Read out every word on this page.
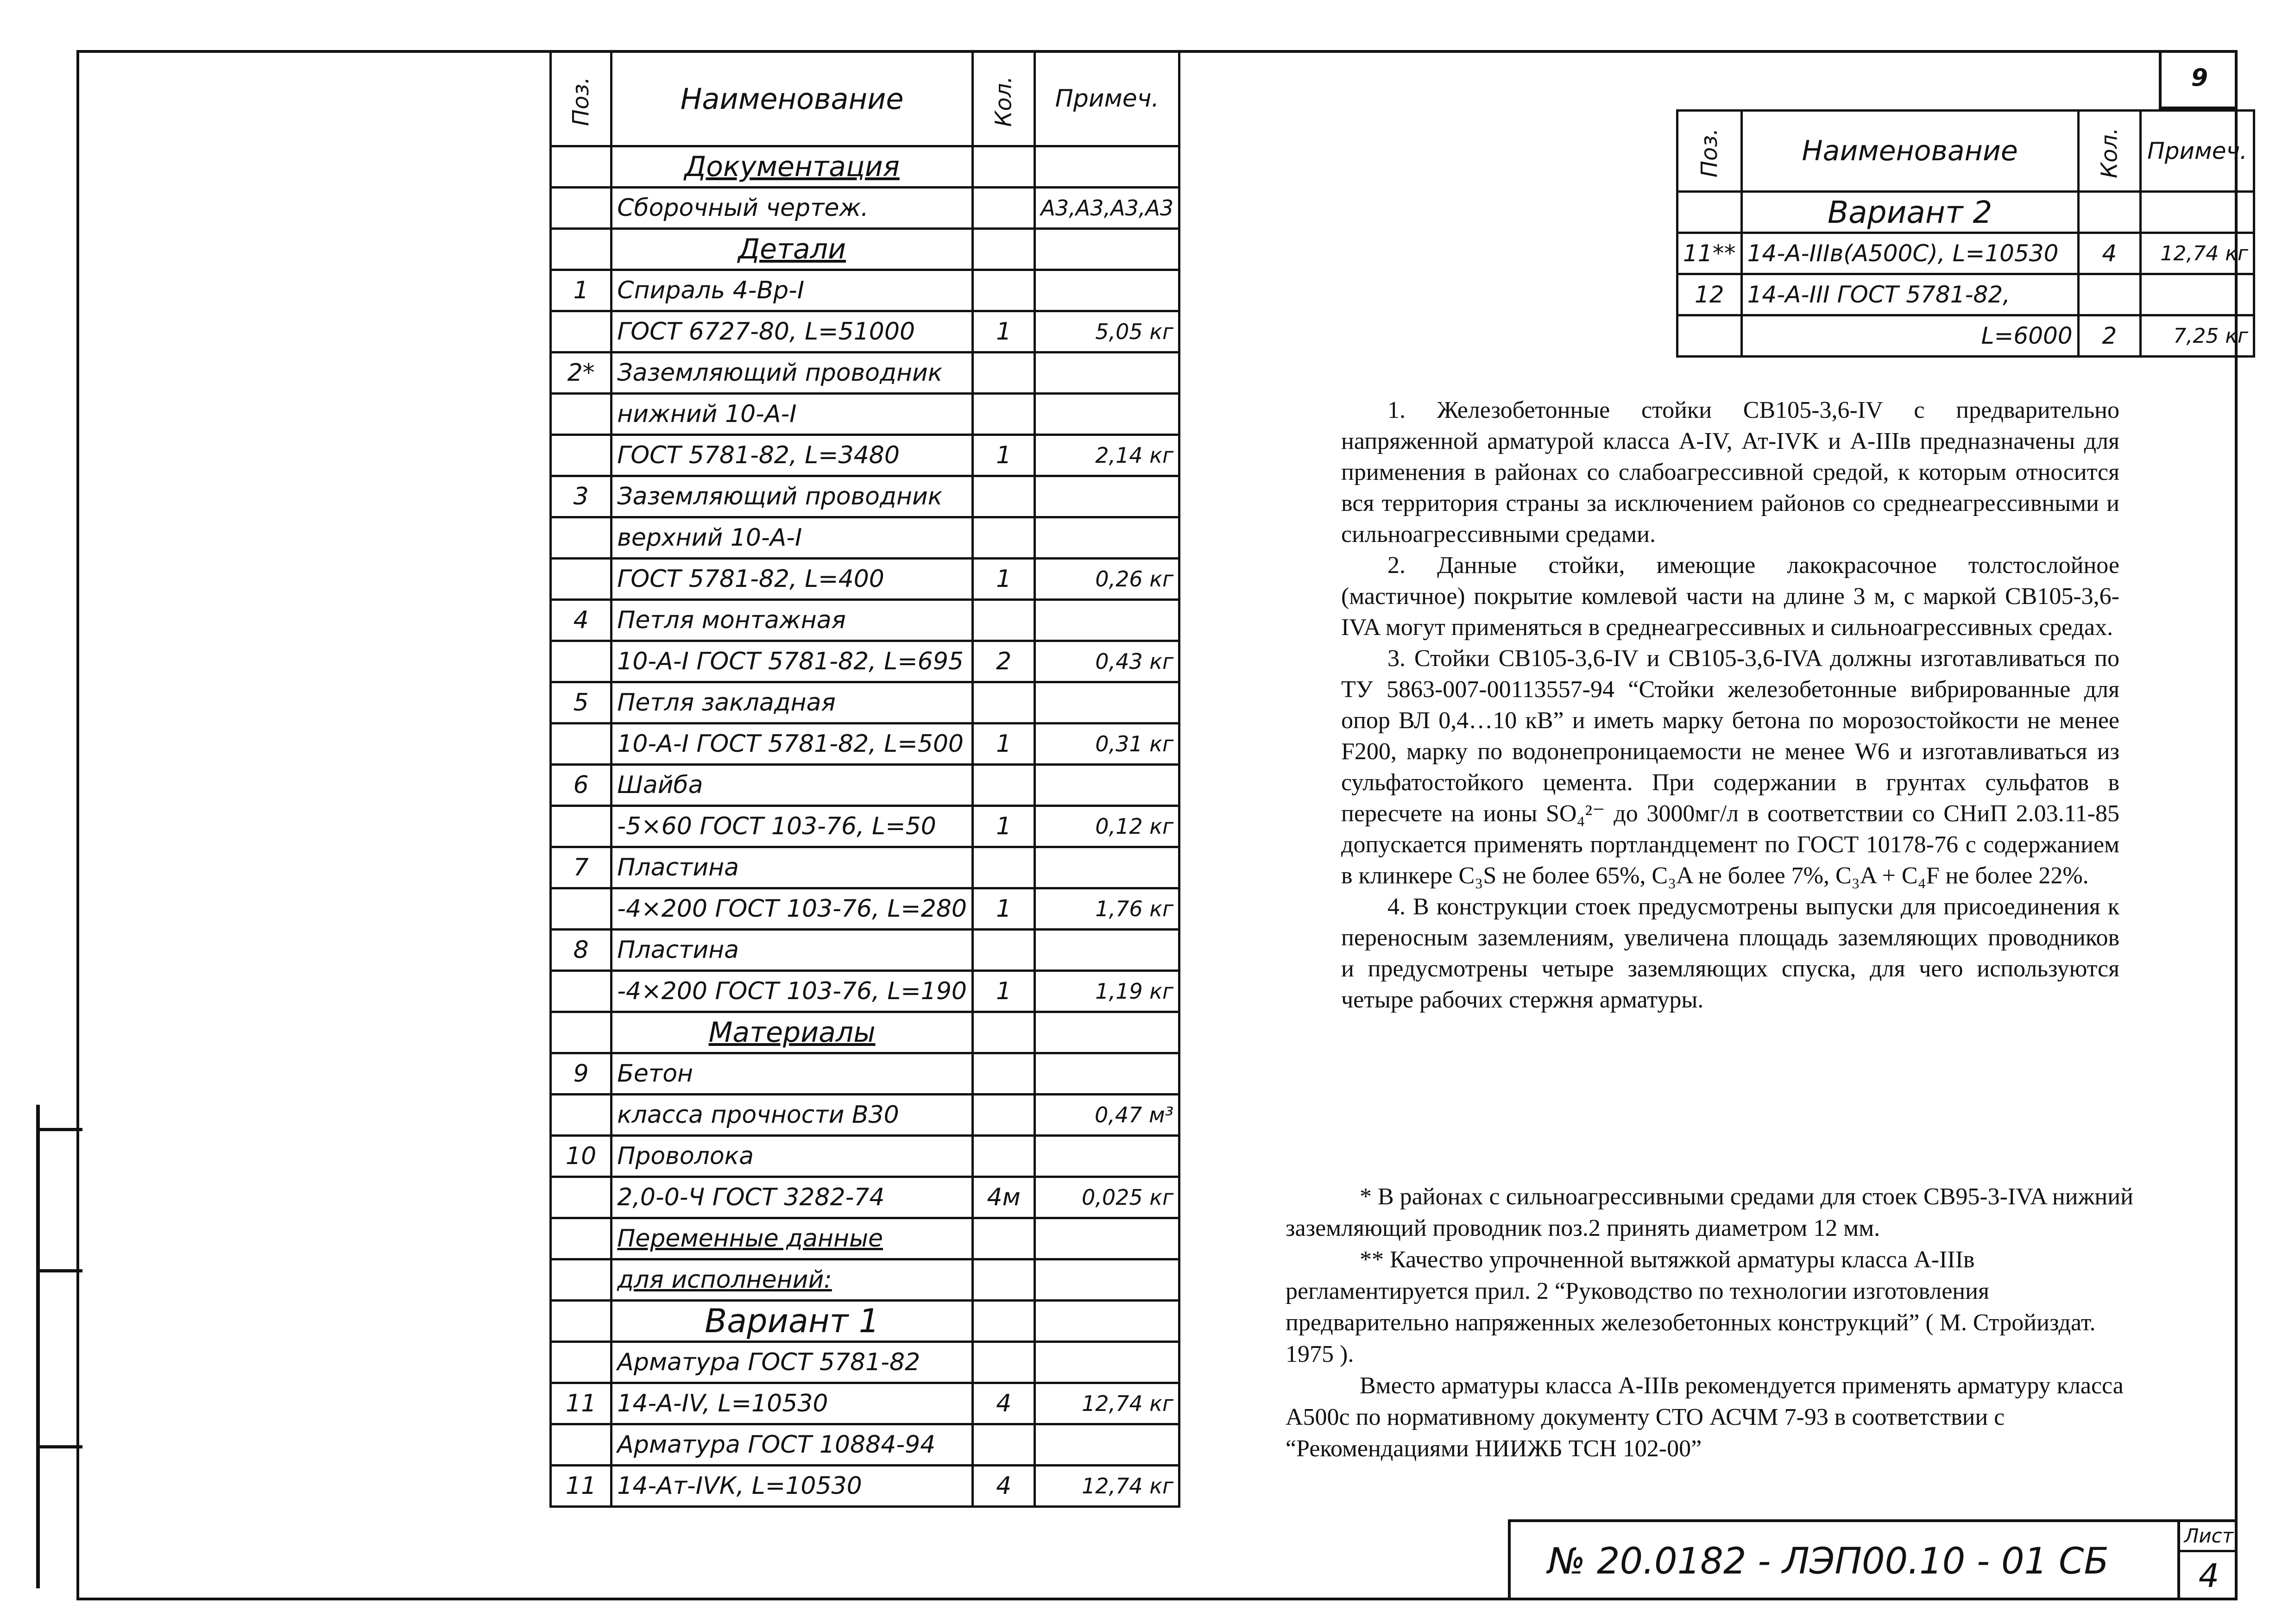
Поз.	Наименование	Кол.	Примеч.
	Документация		
	Сборочный чертеж.		А3,А3,А3,А3
	Детали		
1	Спираль 4-Вр-I		
	ГОСТ 6727-80, L=51000	1	5,05 кг
2*	Заземляющий проводник		
	нижний 10-А-I		
	ГОСТ 5781-82, L=3480	1	2,14 кг
3	Заземляющий проводник		
	верхний 10-А-I		
	ГОСТ 5781-82, L=400	1	0,26 кг
4	Петля монтажная		
	10-А-I ГОСТ 5781-82, L=695	2	0,43 кг
5	Петля закладная		
	10-А-I ГОСТ 5781-82, L=500	1	0,31 кг
6	Шайба		
	-5×60 ГОСТ 103-76, L=50	1	0,12 кг
7	Пластина		
	-4×200 ГОСТ 103-76, L=280	1	1,76 кг
8	Пластина		
	-4×200 ГОСТ 103-76, L=190	1	1,19 кг
	Материалы		
9	Бетон		
	класса прочности В30		0,47 м³
10	Проволока		
	2,0-0-Ч ГОСТ 3282-74	4м	0,025 кг
	Переменные данные		
	для исполнений:		
	Вариант 1		
	Арматура ГОСТ 5781-82		
11	14-А-IV, L=10530	4	12,74 кг
	Арматура ГОСТ 10884-94		
11	14-Ат-IVК, L=10530	4	12,74 кг
9
Поз.	Наименование	Кол.	Примеч.
	Вариант 2		
11**	14-А-IIIв(А500С), L=10530	4	12,74 кг
12	14-А-III ГОСТ 5781-82,		
	L=6000	2	7,25 кг

1. Железобетонные стойки СВ105-3,6-IV с предварительно напряженной арматурой класса А-IV, Ат-IVK и А-IIIв предназначены для применения в районах со слабоагрессивной средой, к которым относится вся территория страны за исключением районов со среднеагрессивными и сильноагрессивными средами.

2. Данные стойки, имеющие лакокрасочное толстослойное (мастичное) покрытие комлевой части на длине 3 м, с маркой СВ105-3,6-IVA могут применяться в среднеагрессивных и сильноагрессивных средах.

3. Стойки СВ105-3,6-IV и СВ105-3,6-IVA должны изготавливаться по ТУ 5863-007-00113557-94 “Стойки железобетонные вибрированные для опор ВЛ 0,4…10 кВ” и иметь марку бетона по морозостойкости не менее F200, марку по водонепроницаемости не менее W6 и изготавливаться из сульфатостойкого цемента. При содержании в грунтах сульфатов в пересчете на ионы SO₄²⁻ до 3000мг/л в соответствии со СНиП 2.03.11-85 допускается применять портландцемент по ГОСТ 10178-76 с содержанием в клинкере C₃S не более 65%, C₃A не более 7%, C₃A + C₄F не более 22%.

4. В конструкции стоек предусмотрены выпуски для присоединения к переносным заземлениям, увеличена площадь заземляющих проводников и предусмотрены четыре заземляющих спуска, для чего используются четыре рабочих стержня арматуры.

* В районах с сильноагрессивными средами для стоек СВ95-3-IVA нижний заземляющий проводник поз.2 принять диаметром 12 мм.

** Качество упрочненной вытяжкой арматуры класса А-IIIв регламентируется прил. 2 “Руководство по технологии изготовления предварительно напряженных железобетонных конструкций” ( М. Стройиздат. 1975 ).

Вместо арматуры класса А-IIIв рекомендуется применять арматуру класса А500с по нормативному документу СТО АСЧМ 7-93 в соответствии с “Рекомендациями НИИЖБ ТСН 102-00”

№ 20.0182 - ЛЭП00.10 - 01 СБ
Лист
4
